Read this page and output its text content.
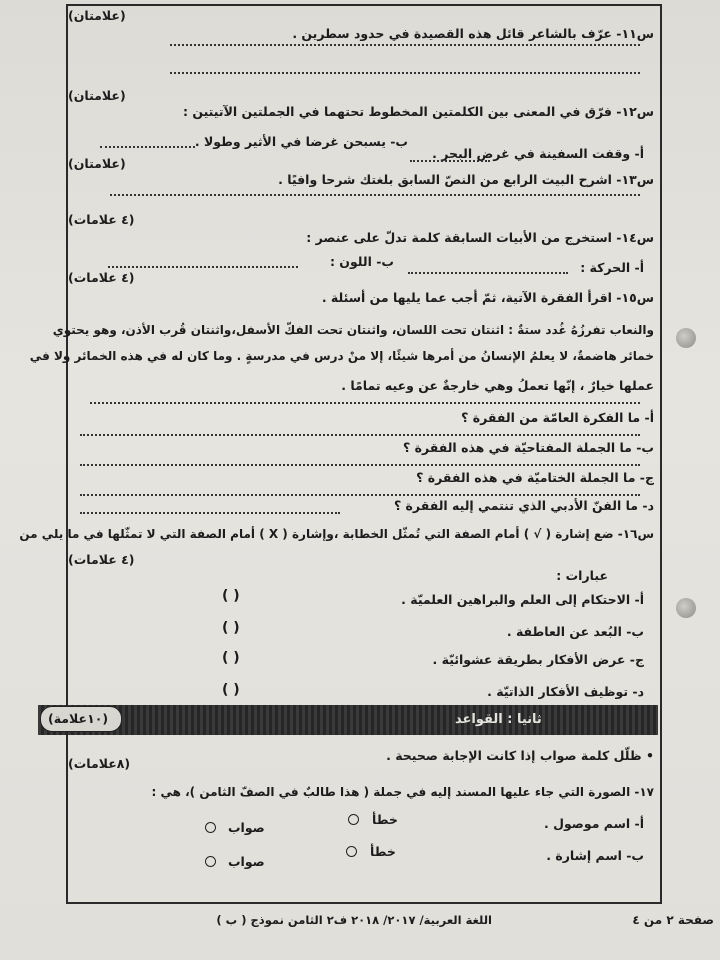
(علامتان)
س١١- عرّف بالشاعر قائل هذه القصيدة في حدود سطرين .
(علامتان)
س١٢- فرّق في المعنى بين الكلمتين المخطوط تحتهما في الجملتين الآتيتين :
أ- وقفت السفينة في غرض البحر .
ب- يسبحن غرضا في الأثير وطولا .
(علامتان)
س١٣- اشرح البيت الرابع من النصّ السابق بلغتك شرحا وافيًا .
(٤ علامات)
س١٤- استخرج من الأبيات السابقة كلمة تدلّ على عنصر :
أ- الحركة :
ب- اللون :
(٤ علامات)
س١٥- اقرأ الفقرة الآتية، ثمّ أجب عما يليها من أسئلة .
والنعاب تفرزُهُ غُدد ستةٌ : اثنتان تحت اللسان، واثنتان تحت الفكّ الأسفل،واثنتان قُرب الأذن، وهو يحتوي
خمائر هاضمةٌ، لا يعلمُ الإنسانُ من أمرها شيئًا، إلا منْ درس في مدرسةٍ . وما كان له في هذه الخمائر ولا في
عملها خيارٌ ، إنّها تعملُ وهي خارجةٌ عن وعيه تمامًا .
أ- ما الفكرة العامّة من الفقرة ؟
ب- ما الجملة المفتاحيّة في هذه الفقرة ؟
ج- ما الجملة الختاميّة في هذه الفقرة ؟
د- ما الفنّ الأدبي الذي تنتمي إليه الفقرة ؟
س١٦- ضع إشارة ( √ ) أمام الصفة التي تُمثّل الخطابة ،وإشارة ( X ) أمام الصفة التي لا تمثّلها في ما يلي من
(٤ علامات)
عبارات :
أ- الاحتكام إلى العلم والبراهين العلميّة .
( )
ب- البُعد عن العاطفة .
( )
ج- عرض الأفكار بطريقة عشوائيّة .
( )
د- توظيف الأفكار الذاتيّة .
( )
(١٠علامة)	ثانيا : القواعد
(٨علامات)
• ظلّل كلمة صواب إذا كانت الإجابة صحيحة .
١٧- الصورة التي جاء عليها المسند إليه في جملة ( هذا طالبٌ في الصفّ الثامن )، هي :
أ- اسم موصول .
خطأ
صواب
ب- اسم إشارة .
خطأ
صواب
صفحة ٢ من ٤
اللغة العربية/ ٢٠١٧/ ٢٠١٨ ف٢ الثامن نموذج ( ب )
